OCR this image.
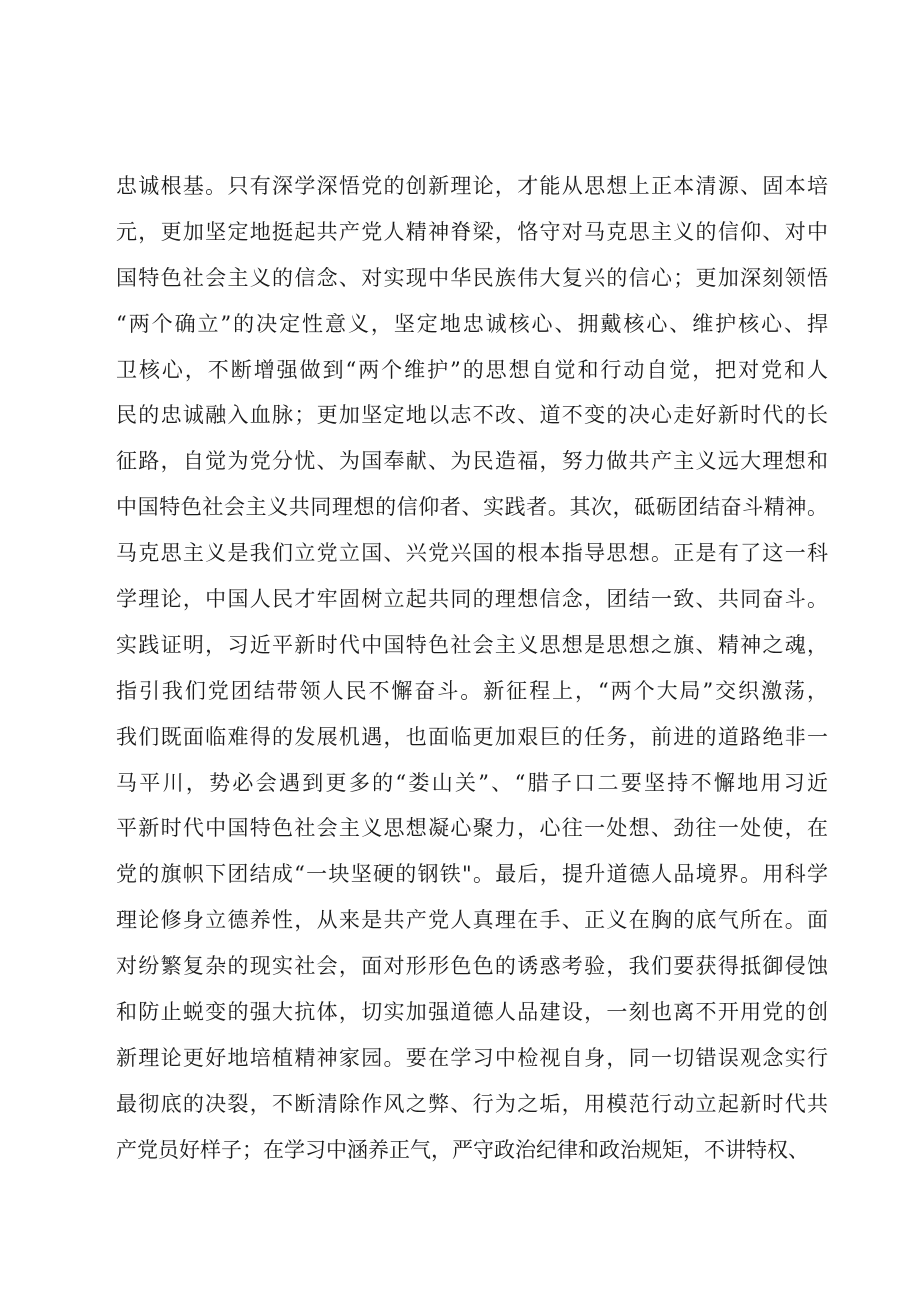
忠诚根基。只有深学深悟党的创新理论，才能从思想上正本清源、固本培
元，更加坚定地挺起共产党人精神脊梁，恪守对马克思主义的信仰、对中
国特色社会主义的信念、对实现中华民族伟大复兴的信心；更加深刻领悟
“两个确立”的决定性意义，坚定地忠诚核心、拥戴核心、维护核心、捍
卫核心，不断增强做到“两个维护”的思想自觉和行动自觉，把对党和人
民的忠诚融入血脉；更加坚定地以志不改、道不变的决心走好新时代的长
征路，自觉为党分忧、为国奉献、为民造福，努力做共产主义远大理想和
中国特色社会主义共同理想的信仰者、实践者。其次，砥砺团结奋斗精神。
马克思主义是我们立党立国、兴党兴国的根本指导思想。正是有了这一科
学理论，中国人民才牢固树立起共同的理想信念，团结一致、共同奋斗。
实践证明，习近平新时代中国特色社会主义思想是思想之旗、精神之魂，
指引我们党团结带领人民不懈奋斗。新征程上，“两个大局”交织激荡，
我们既面临难得的发展机遇，也面临更加艰巨的任务，前进的道路绝非一
马平川，势必会遇到更多的“娄山关”、“腊子口二要坚持不懈地用习近
平新时代中国特色社会主义思想凝心聚力，心往一处想、劲往一处使，在
党的旗帜下团结成“一块坚硬的钢铁"。最后，提升道德人品境界。用科学
理论修身立德养性，从来是共产党人真理在手、正义在胸的底气所在。面
对纷繁复杂的现实社会，面对形形色色的诱惑考验，我们要获得抵御侵蚀
和防止蜕变的强大抗体，切实加强道德人品建设，一刻也离不开用党的创
新理论更好地培植精神家园。要在学习中检视自身，同一切错误观念实行
最彻底的决裂，不断清除作风之弊、行为之垢，用模范行动立起新时代共
产党员好样子；在学习中涵养正气，严守政治纪律和政治规矩，不讲特权、
